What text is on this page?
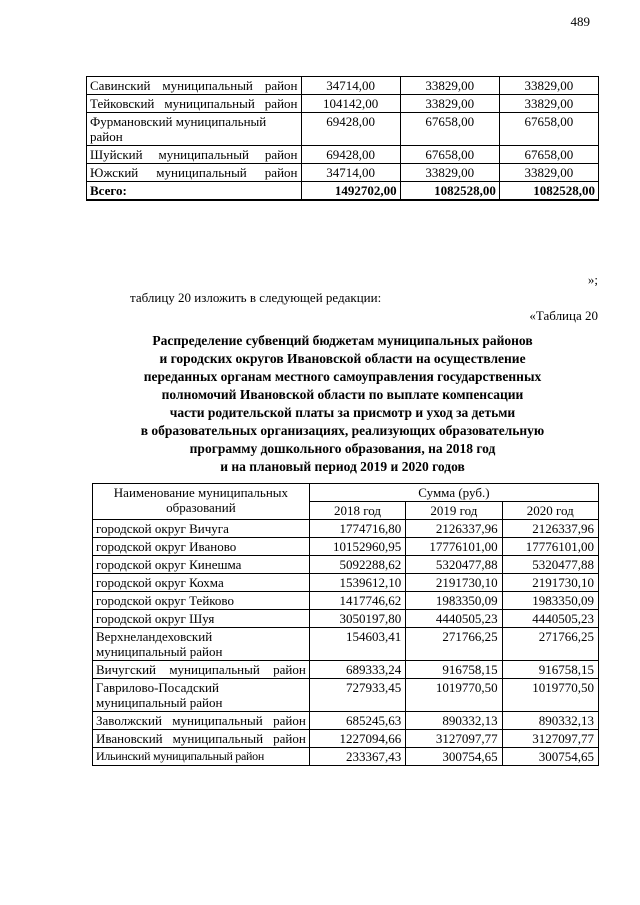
489
Савинский муниципальный район	34714,00	33829,00	33829,00
Тейковский муниципальный район	104142,00	33829,00	33829,00
Фурмановский муниципальный район	69428,00	67658,00	67658,00
Шуйский муниципальный район	69428,00	67658,00	67658,00
Южский муниципальный район	34714,00	33829,00	33829,00
Всего:	1492702,00	1082528,00	1082528,00
»;
таблицу 20 изложить в следующей редакции:
«Таблица 20
Распределение субвенций бюджетам муниципальных районов
и городских округов Ивановской области на осуществление
переданных органам местного самоуправления государственных
полномочий Ивановской области по выплате компенсации
части родительской платы за присмотр и уход за детьми
в образовательных организациях, реализующих образовательную
программу дошкольного образования, на 2018 год
и на плановый период 2019 и 2020 годов
Наименование муниципальных образований	Сумма (руб.)		
	2018 год	2019 год	2020 год
городской округ Вичуга	1774716,80	2126337,96	2126337,96
городской округ Иваново	10152960,95	17776101,00	17776101,00
городской округ Кинешма	5092288,62	5320477,88	5320477,88
городской округ Кохма	1539612,10	2191730,10	2191730,10
городской округ Тейково	1417746,62	1983350,09	1983350,09
городской округ Шуя	3050197,80	4440505,23	4440505,23
Верхнеландеховский муниципальный район	154603,41	271766,25	271766,25
Вичугский муниципальный район	689333,24	916758,15	916758,15
Гаврилово-Посадский муниципальный район	727933,45	1019770,50	1019770,50
Заволжский муниципальный район	685245,63	890332,13	890332,13
Ивановский муниципальный район	1227094,66	3127097,77	3127097,77
Ильинский муниципальный район	233367,43	300754,65	300754,65
